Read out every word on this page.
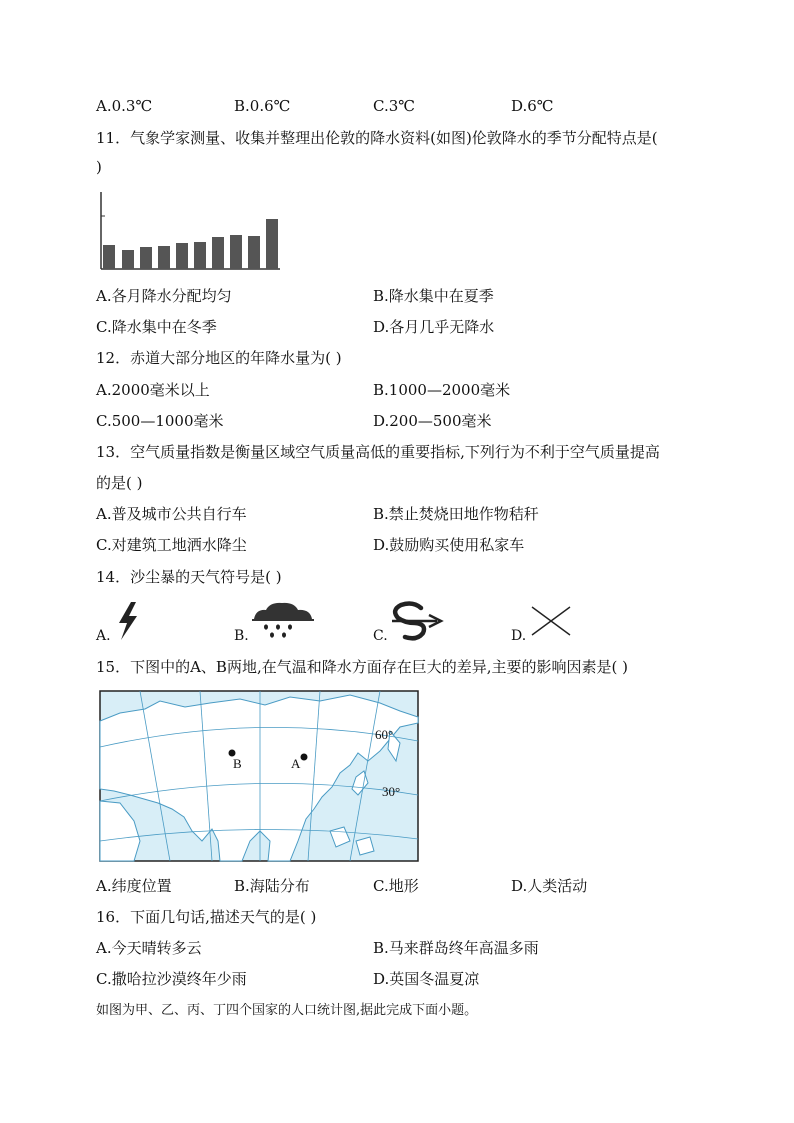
A.0.3℃	B.0.6℃	C.3℃	D.6℃
11．气象学家测量、收集并整理出伦敦的降水资料(如图)伦敦降水的季节分配特点是(
)
A.各月降水分配均匀	B.降水集中在夏季
C.降水集中在冬季	D.各月几乎无降水
12．赤道大部分地区的年降水量为( )
A.2000毫米以上	B.1000—2000毫米
C.500—1000毫米	D.200—500毫米
13．空气质量指数是衡量区域空气质量高低的重要指标,下列行为不利于空气质量提高
的是( )
A.普及城市公共自行车	B.禁止焚烧田地作物秸秆
C.对建筑工地洒水降尘	D.鼓励购买使用私家车
14．沙尘暴的天气符号是( )
A.	B.	C.	D.
15．下图中的A、B两地,在气温和降水方面存在巨大的差异,主要的影响因素是( )
B	A
60°
30°
A.纬度位置	B.海陆分布	C.地形	D.人类活动
16．下面几句话,描述天气的是( )
A.今天晴转多云	B.马来群岛终年高温多雨
C.撒哈拉沙漠终年少雨	D.英国冬温夏凉
如图为甲、乙、丙、丁四个国家的人口统计图,据此完成下面小题。
